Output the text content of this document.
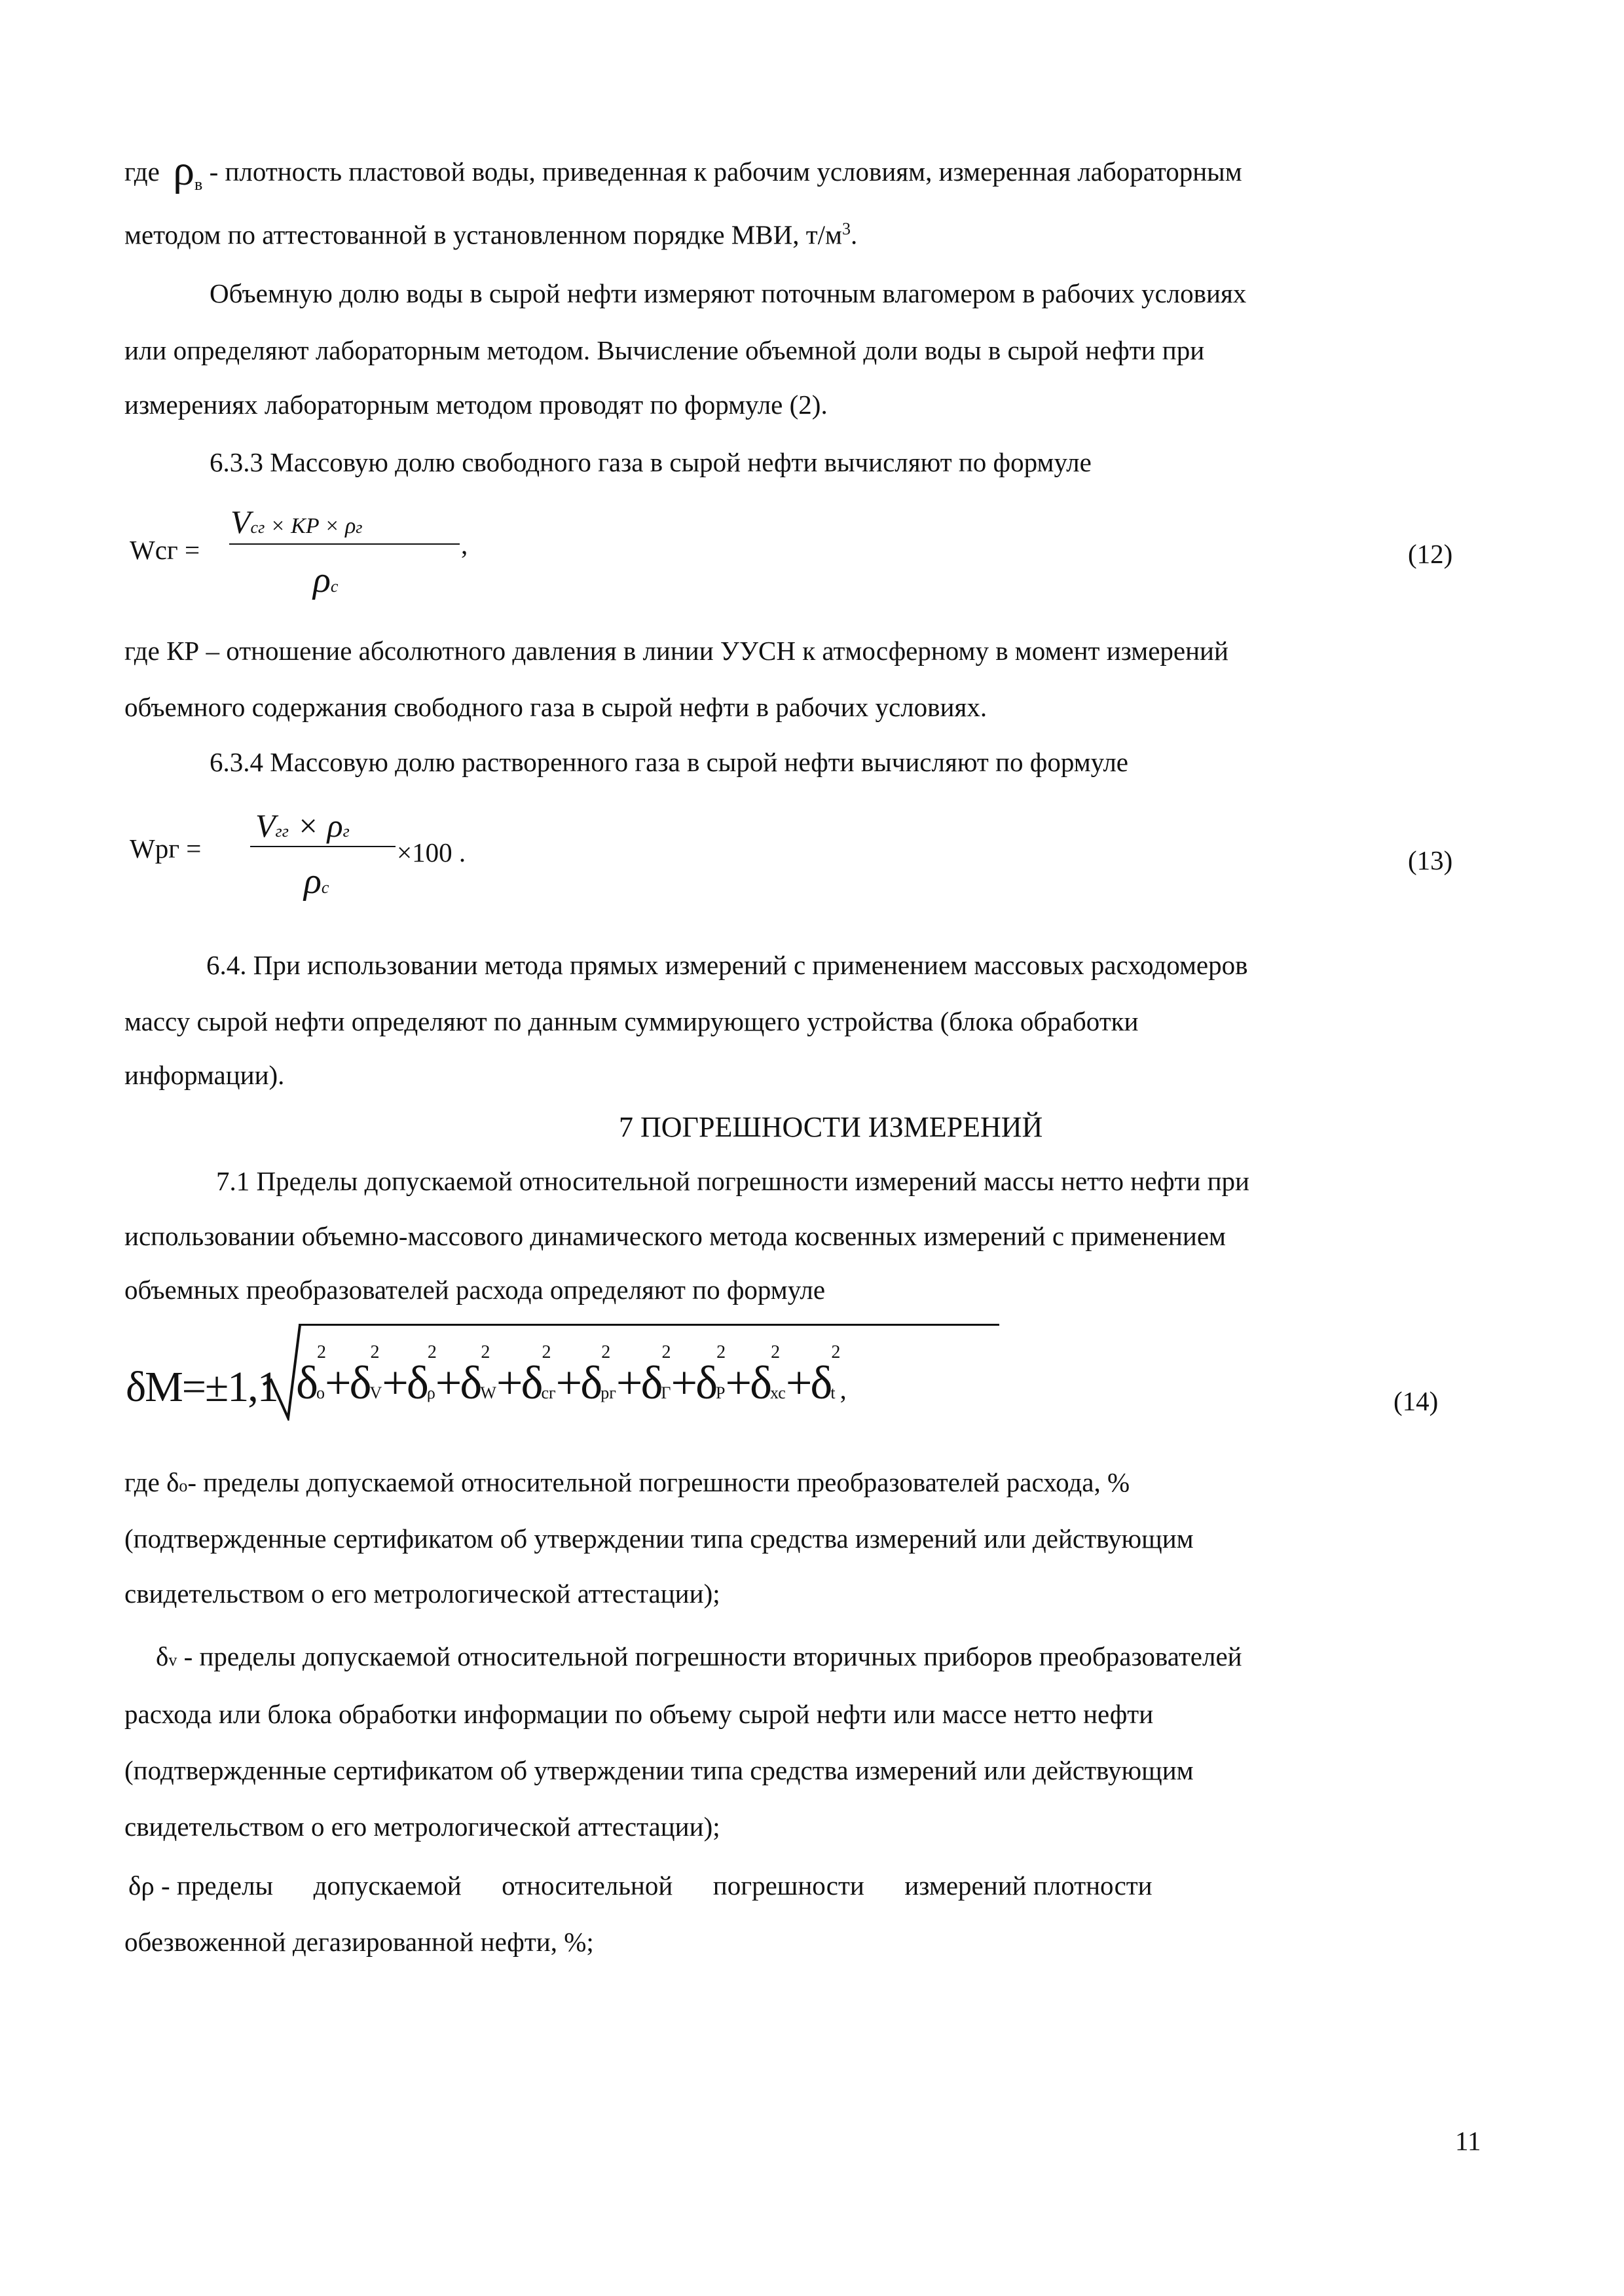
где $\rho_в$ - плотность пластовой воды, приведенная к рабочим условиям, измеренная лабораторным
методом по аттестованной в установленном порядке МВИ, $т/м^3$.
Объемную долю воды в сырой нефти измеряют поточным влагомером в рабочих условиях
или определяют лабораторным методом. Вычисление объемной доли воды в сырой нефти при
измерениях лабораторным методом проводят по формуле (2).
6.3.3 Массовую долю свободного газа в сырой нефти вычисляют по формуле
Wсг =
Vсг × KP × ρг
,
ρс
(12)
где КР – отношение абсолютного давления в линии УУСН к атмосферному в момент измерений
объемного содержания свободного газа в сырой нефти в рабочих условиях.
6.3.4 Массовую долю растворенного газа в сырой нефти вычисляют по формуле
Wрг =
Vгг × ρг
×100 .
ρс
(13)
6.4. При использовании метода прямых измерений с применением массовых расходомеров
массу сырой нефти определяют по данным суммирующего устройства (блока обработки
информации).
7 ПОГРЕШНОСТИ ИЗМЕРЕНИЙ
7.1 Пределы допускаемой относительной погрешности измерений массы нетто нефти при
использовании объемно-массового динамического метода косвенных измерений с применением
объемных преобразователей расхода определяют по формуле
δM=±1,1 δ
2
o+δ
2
V+δ
2
ρ+δ
2
W+δ
2
сг+δ
2
рг+δ
2
Г+δ
2
P+δ
2
хс+δ
2
t ,	(14)
где δо- пределы допускаемой относительной погрешности преобразователей расхода, %
(подтвержденные сертификатом об утверждении типа средства измерений или действующим
свидетельством о его метрологической аттестации);
δv - пределы допускаемой относительной погрешности вторичных приборов преобразователей
расхода или блока обработки информации по объему сырой нефти или массе нетто нефти
(подтвержденные сертификатом об утверждении типа средства измерений или действующим
свидетельством о его метрологической аттестации);
δρ - пределы      допускаемой      относительной      погрешности      измерений плотности
обезвоженной дегазированной нефти, %;
11
